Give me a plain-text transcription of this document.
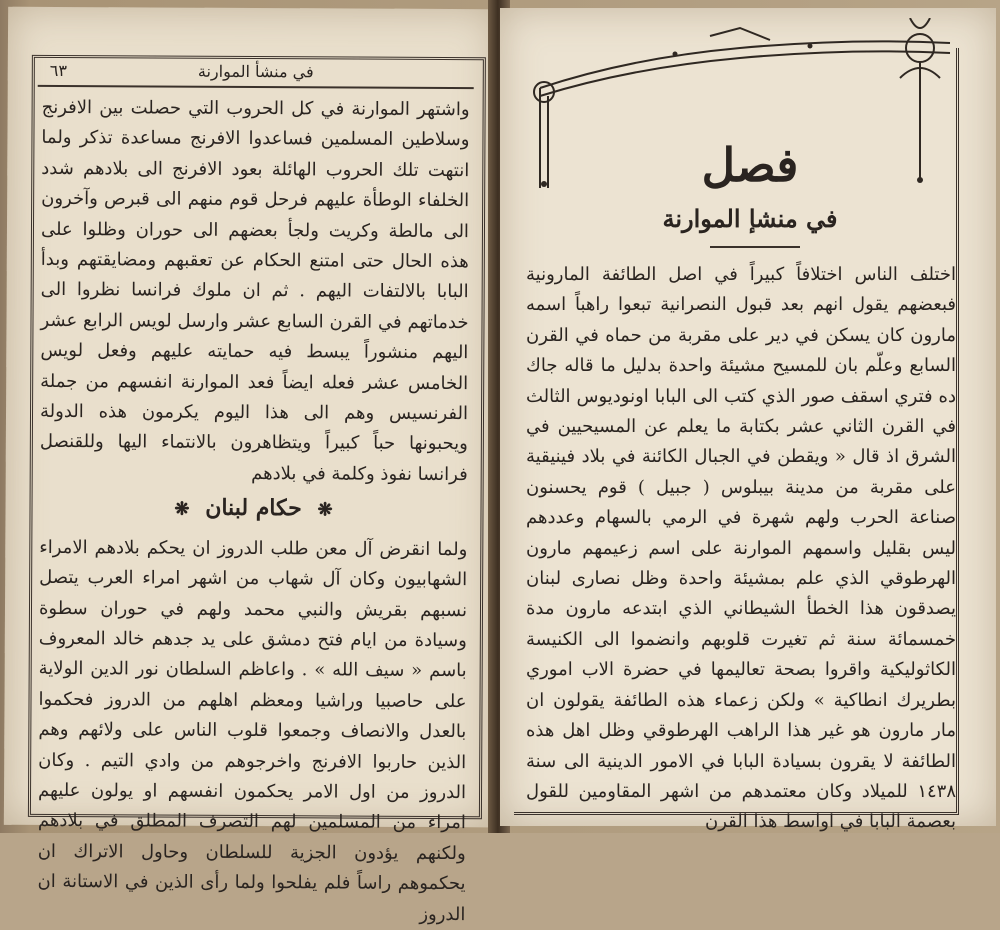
في منشأ الموارنة
٦٣

واشتهر الموارنة في كل الحروب التي حصلت بين الافرنج وسلاطين المسلمين فساعدوا الافرنج مساعدة تذكر ولما انتهت تلك الحروب الهائلة بعود الافرنج الى بلادهم شدد الخلفاء الوطأة عليهم فرحل قوم منهم الى قبرص وآخرون الى مالطة وكريت ولجأ بعضهم الى حوران وظلوا على هذه الحال حتى امتنع الحكام عن تعقبهم ومضايقتهم وبدأ البابا بالالتفات اليهم . ثم ان ملوك فرانسا نظروا الى خدماتهم في القرن السابع عشر وارسل لويس الرابع عشر اليهم منشوراً يبسط فيه حمايته عليهم وفعل لويس الخامس عشر فعله ايضاً فعد الموارنة انفسهم من جملة الفرنسيس وهم الى هذا اليوم يكرمون هذه الدولة ويحبونها حباً كبيراً ويتظاهرون بالانتماء اليها وللقنصل فرانسا نفوذ وكلمة في بلادهم

❋ حكام لبنان ❋

ولما انقرض آل معن طلب الدروز ان يحكم بلادهم الامراء الشهابيون وكان آل شهاب من اشهر امراء العرب يتصل نسبهم بقريش والنبي محمد ولهم في حوران سطوة وسيادة من ايام فتح دمشق على يد جدهم خالد المعروف باسم « سيف الله » . واعاظم السلطان نور الدين الولاية على حاصبيا وراشيا ومعظم اهلهم من الدروز فحكموا بالعدل والانصاف وجمعوا قلوب الناس على ولائهم وهم الذين حاربوا الافرنج واخرجوهم من وادي التيم . وكان الدروز من اول الامر يحكمون انفسهم او يولون عليهم امراء من المسلمين لهم التصرف المطلق في بلادهم ولكنهم يؤدون الجزية للسلطان وحاول الاتراك ان يحكموهم راساً فلم يفلحوا ولما رأى الذين في الاستانة ان الدروز

فصل
في منشإ الموارنة

اختلف الناس اختلافاً كبيراً في اصل الطائفة المارونية فبعضهم يقول انهم بعد قبول النصرانية تبعوا راهباً اسمه مارون كان يسكن في دير على مقربة من حماه في القرن السابع وعلّم بان للمسيح مشيئة واحدة بدليل ما قاله جاك ده فتري اسقف صور الذي كتب الى البابا اونوديوس الثالث في القرن الثاني عشر بكتابة ما يعلم عن المسيحيين في الشرق اذ قال « ويقطن في الجبال الكائنة في بلاد فينيقية على مقربة من مدينة بيبلوس ( جبيل ) قوم يحسنون صناعة الحرب ولهم شهرة في الرمي بالسهام وعددهم ليس بقليل واسمهم الموارنة على اسم زعيمهم مارون الهرطوقي الذي علم بمشيئة واحدة وظل نصارى لبنان يصدقون هذا الخطأ الشيطاني الذي ابتدعه مارون مدة خمسمائة سنة ثم تغيرت قلوبهم وانضموا الى الكنيسة الكاثوليكية واقروا بصحة تعاليمها في حضرة الاب اموري بطريرك انطاكية » ولكن زعماء هذه الطائفة يقولون ان مار مارون هو غير هذا الراهب الهرطوقي وظل اهل هذه الطائفة لا يقرون بسيادة البابا في الامور الدينية الى سنة ١٤٣٨ للميلاد وكان معتمدهم من اشهر المقاومين للقول بعصمة البابا في اواسط هذا القرن
